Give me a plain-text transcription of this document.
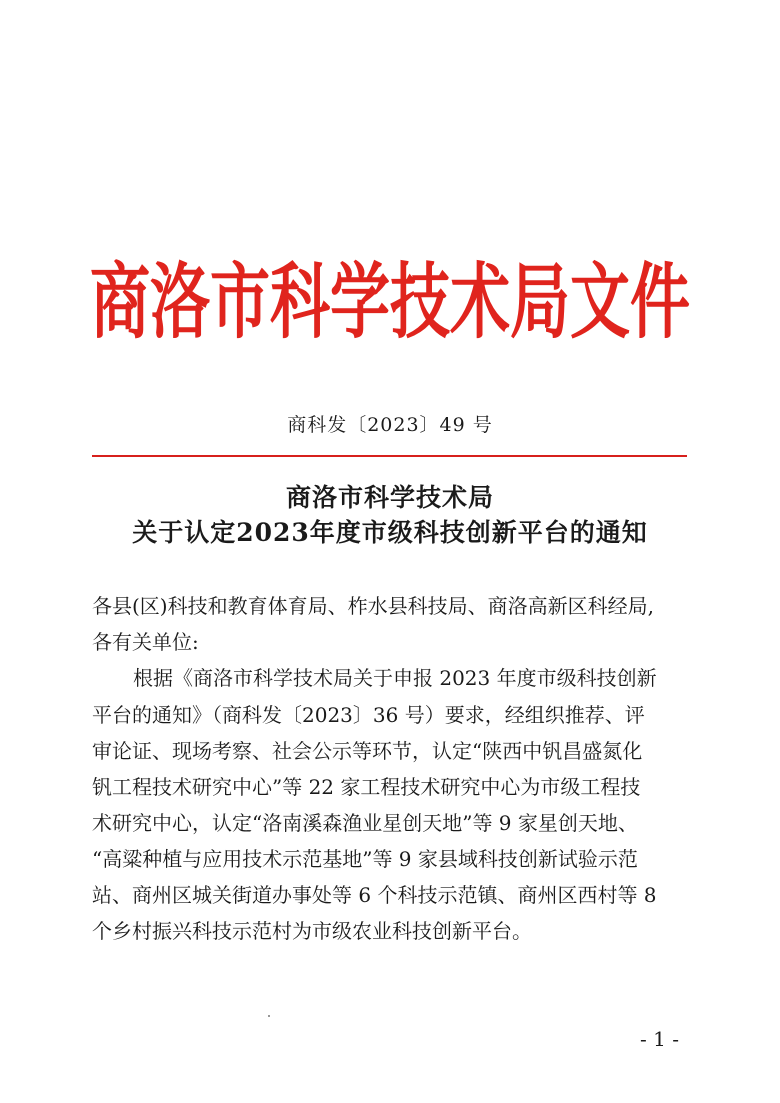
商洛市科学技术局文件
商科发〔2023〕49 号
商洛市科学技术局
关于认定2023年度市级科技创新平台的通知
各县(区)科技和教育体育局、柞水县科技局、商洛高新区科经局,
各有关单位:
根据《商洛市科学技术局关于申报 2023 年度市级科技创新
平台的通知》（商科发〔2023〕36 号）要求，经组织推荐、评
审论证、现场考察、社会公示等环节，认定“陕西中钒昌盛氮化
钒工程技术研究中心”等 22 家工程技术研究中心为市级工程技
术研究中心，认定“洛南溪森渔业星创天地”等 9 家星创天地、
“高粱种植与应用技术示范基地”等 9 家县域科技创新试验示范
站、商州区城关街道办事处等 6 个科技示范镇、商州区西村等 8
个乡村振兴科技示范村为市级农业科技创新平台。
- 1 -
